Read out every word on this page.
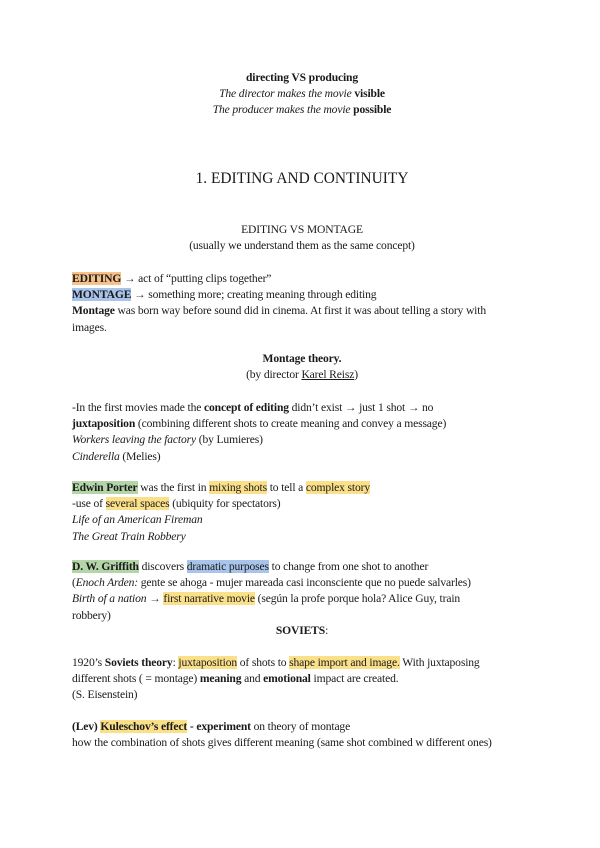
directing VS producing
The director makes the movie visible
The producer makes the movie possible
1. EDITING AND CONTINUITY
EDITING VS MONTAGE
(usually we understand them as the same concept)
EDITING → act of “putting clips together”
MONTAGE → something more; creating meaning through editing
Montage was born way before sound did in cinema. At first it was about telling a story with
images.
Montage theory.
(by director Karel Reisz)
-In the first movies made the concept of editing didn’t exist → just 1 shot → no
juxtaposition (combining different shots to create meaning and convey a message)
Workers leaving the factory (by Lumieres)
Cinderella (Melies)
Edwin Porter was the first in mixing shots to tell a complex story
-use of several spaces (ubiquity for spectators)
Life of an American Fireman
The Great Train Robbery
D. W. Griffith discovers dramatic purposes to change from one shot to another
(Enoch Arden: gente se ahoga - mujer mareada casi inconsciente que no puede salvarles)
Birth of a nation → first narrative movie (según la profe porque hola? Alice Guy, train
robbery)
SOVIETS:
1920’s Soviets theory: juxtaposition of shots to shape import and image. With juxtaposing
different shots ( = montage) meaning and emotional impact are created.
(S. Eisenstein)
(Lev) Kuleschov’s effect - experiment on theory of montage
how the combination of shots gives different meaning (same shot combined w different ones)
